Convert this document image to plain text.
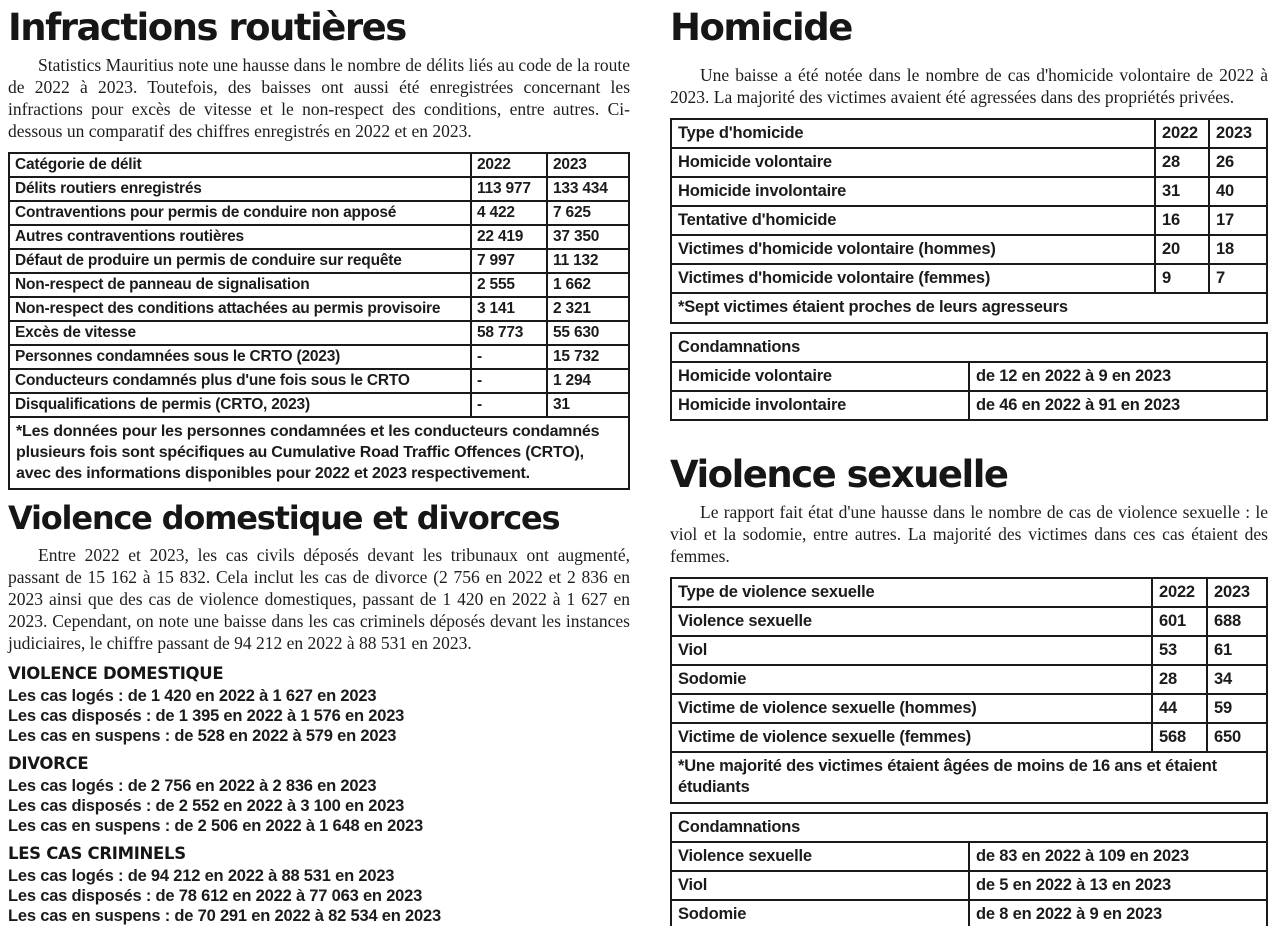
Infractions routières

Statistics Mauritius note une hausse dans le nombre de délits liés au code de la route de 2022 à 2023. Toutefois, des baisses ont aussi été enregistrées concernant les infractions pour excès de vitesse et le non-respect des conditions, entre autres. Ci-dessous un comparatif des chiffres enregistrés en 2022 et en 2023.

Catégorie de délit	2022	2023
Délits routiers enregistrés	113 977	133 434
Contraventions pour permis de conduire non apposé	4 422	7 625
Autres contraventions routières	22 419	37 350
Défaut de produire un permis de conduire sur requête	7 997	11 132
Non-respect de panneau de signalisation	2 555	1 662
Non-respect des conditions attachées au permis provisoire	3 141	2 321
Excès de vitesse	58 773	55 630
Personnes condamnées sous le CRTO (2023)	-	15 732
Conducteurs condamnés plus d'une fois sous le CRTO	-	1 294
Disqualifications de permis (CRTO, 2023)	-	31
*Les données pour les personnes condamnées et les conducteurs condamnés plusieurs fois sont spécifiques au Cumulative Road Traffic Offences (CRTO), avec des informations disponibles pour 2022 et 2023 respectivement.		
Violence domestique et divorces

Entre 2022 et 2023, les cas civils déposés devant les tribunaux ont augmenté, passant de 15 162 à 15 832. Cela inclut les cas de divorce (2 756 en 2022 et 2 836 en 2023 ainsi que des cas de violence domestiques, passant de 1 420 en 2022 à 1 627 en 2023. Cependant, on note une baisse dans les cas criminels déposés devant les instances judiciaires, le chiffre passant de 94 212 en 2022 à 88 531 en 2023.

VIOLENCE DOMESTIQUE
Les cas logés : de 1 420 en 2022 à 1 627 en 2023
Les cas disposés : de 1 395 en 2022 à 1 576 en 2023
Les cas en suspens : de 528 en 2022 à 579 en 2023
DIVORCE
Les cas logés : de 2 756 en 2022 à 2 836 en 2023
Les cas disposés : de 2 552 en 2022 à 3 100 en 2023
Les cas en suspens : de 2 506 en 2022 à 1 648 en 2023
LES CAS CRIMINELS
Les cas logés : de 94 212 en 2022 à 88 531 en 2023
Les cas disposés : de 78 612 en 2022 à 77 063 en 2023
Les cas en suspens : de 70 291 en 2022 à 82 534 en 2023
Homicide

Une baisse a été notée dans le nombre de cas d'homicide volontaire de 2022 à 2023. La majorité des victimes avaient été agressées dans des propriétés privées.

Type d'homicide	2022	2023
Homicide volontaire	28	26
Homicide involontaire	31	40
Tentative d'homicide	16	17
Victimes d'homicide volontaire (hommes)	20	18
Victimes d'homicide volontaire (femmes)	9	7
*Sept victimes étaient proches de leurs agresseurs		
Condamnations	
Homicide volontaire	de 12 en 2022 à 9 en 2023
Homicide involontaire	de 46 en 2022 à 91 en 2023
Violence sexuelle

Le rapport fait état d'une hausse dans le nombre de cas de violence sexuelle : le viol et la sodomie, entre autres. La majorité des victimes dans ces cas étaient des femmes.

Type de violence sexuelle	2022	2023
Violence sexuelle	601	688
Viol	53	61
Sodomie	28	34
Victime de violence sexuelle (hommes)	44	59
Victime de violence sexuelle (femmes)	568	650
*Une majorité des victimes étaient âgées de moins de 16 ans et étaient étudiants		
Condamnations	
Violence sexuelle	de 83 en 2022 à 109 en 2023
Viol	de 5 en 2022 à 13 en 2023
Sodomie	de 8 en 2022 à 9 en 2023
